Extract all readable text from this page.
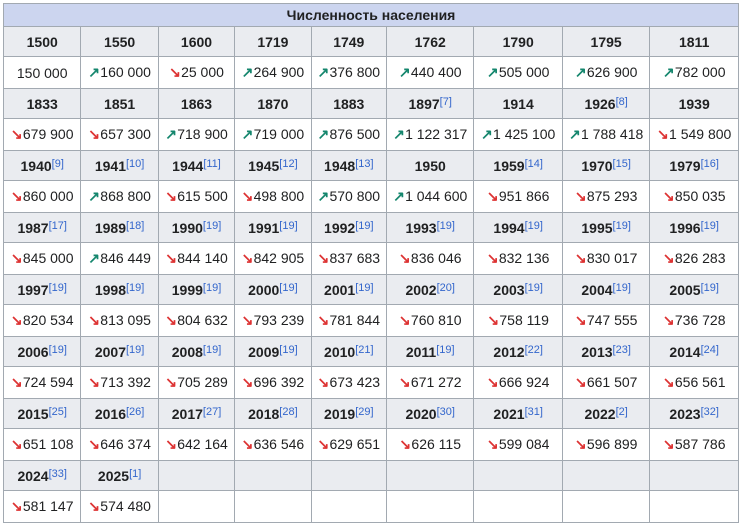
Численность населения								
1500	1550	1600	1719	1749	1762	1790	1795	1811
150 000	↗160 000	↘25 000	↗264 900	↗376 800	↗440 400	↗505 000	↗626 900	↗782 000
1833	1851	1863	1870	1883	1897[7]	1914	1926[8]	1939
↘679 900	↘657 300	↗718 900	↗719 000	↗876 500	↗1 122 317	↗1 425 100	↗1 788 418	↘1 549 800
1940[9]	1941[10]	1944[11]	1945[12]	1948[13]	1950	1959[14]	1970[15]	1979[16]
↘860 000	↗868 800	↘615 500	↘498 800	↗570 800	↗1 044 600	↘951 866	↘875 293	↘850 035
1987[17]	1989[18]	1990[19]	1991[19]	1992[19]	1993[19]	1994[19]	1995[19]	1996[19]
↘845 000	↗846 449	↘844 140	↘842 905	↘837 683	↘836 046	↘832 136	↘830 017	↘826 283
1997[19]	1998[19]	1999[19]	2000[19]	2001[19]	2002[20]	2003[19]	2004[19]	2005[19]
↘820 534	↘813 095	↘804 632	↘793 239	↘781 844	↘760 810	↘758 119	↘747 555	↘736 728
2006[19]	2007[19]	2008[19]	2009[19]	2010[21]	2011[19]	2012[22]	2013[23]	2014[24]
↘724 594	↘713 392	↘705 289	↘696 392	↘673 423	↘671 272	↘666 924	↘661 507	↘656 561
2015[25]	2016[26]	2017[27]	2018[28]	2019[29]	2020[30]	2021[31]	2022[2]	2023[32]
↘651 108	↘646 374	↘642 164	↘636 546	↘629 651	↘626 115	↘599 084	↘596 899	↘587 786
2024[33]	2025[1]							
↘581 147	↘574 480							
